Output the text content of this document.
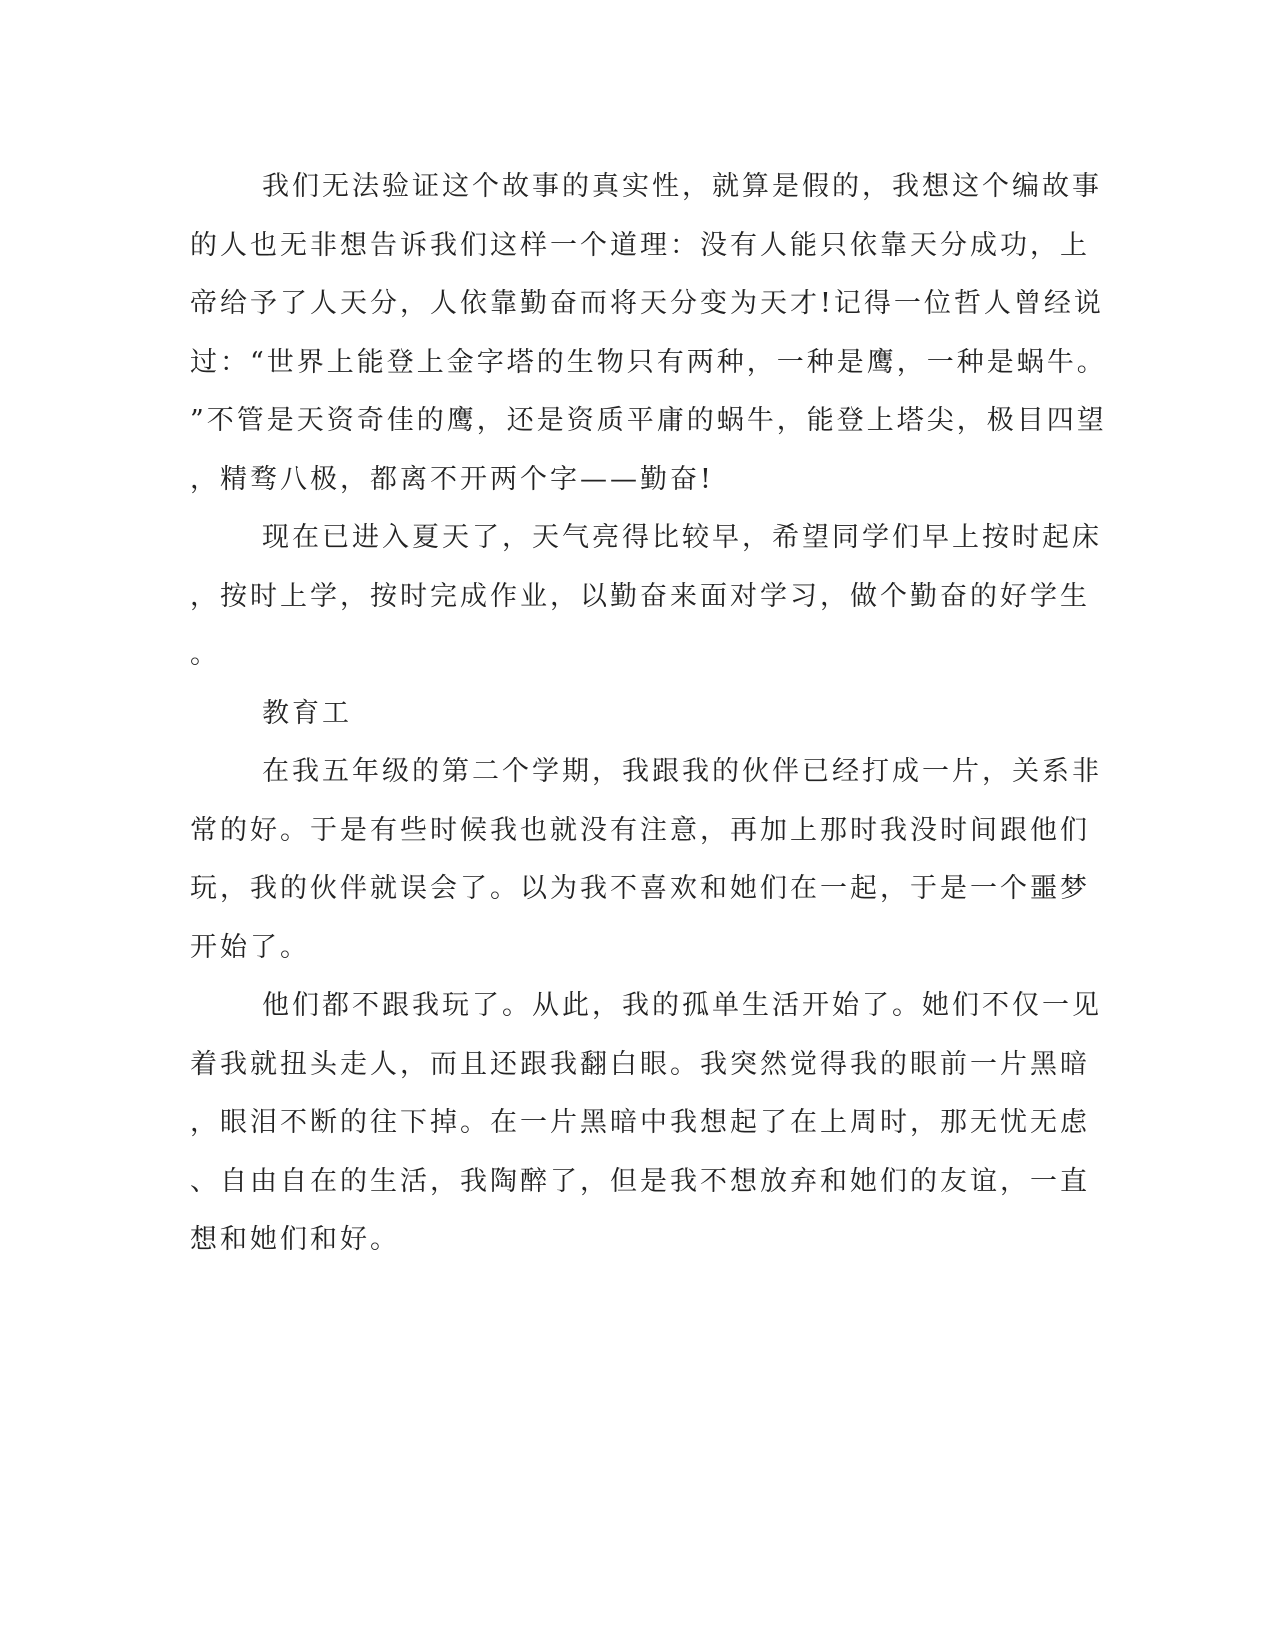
我们无法验证这个故事的真实性，就算是假的，我想这个编故事
的人也无非想告诉我们这样一个道理：没有人能只依靠天分成功，上
帝给予了人天分，人依靠勤奋而将天分变为天才!记得一位哲人曾经说
过：“世界上能登上金字塔的生物只有两种，一种是鹰，一种是蜗牛。
”不管是天资奇佳的鹰，还是资质平庸的蜗牛，能登上塔尖，极目四望
，精骛八极，都离不开两个字——勤奋!
现在已进入夏天了，天气亮得比较早，希望同学们早上按时起床
，按时上学，按时完成作业，以勤奋来面对学习，做个勤奋的好学生
。
教育工
在我五年级的第二个学期，我跟我的伙伴已经打成一片，关系非
常的好。于是有些时候我也就没有注意，再加上那时我没时间跟他们
玩，我的伙伴就误会了。以为我不喜欢和她们在一起，于是一个噩梦
开始了。
他们都不跟我玩了。从此，我的孤单生活开始了。她们不仅一见
着我就扭头走人，而且还跟我翻白眼。我突然觉得我的眼前一片黑暗
，眼泪不断的往下掉。在一片黑暗中我想起了在上周时，那无忧无虑
、自由自在的生活，我陶醉了，但是我不想放弃和她们的友谊，一直
想和她们和好。
